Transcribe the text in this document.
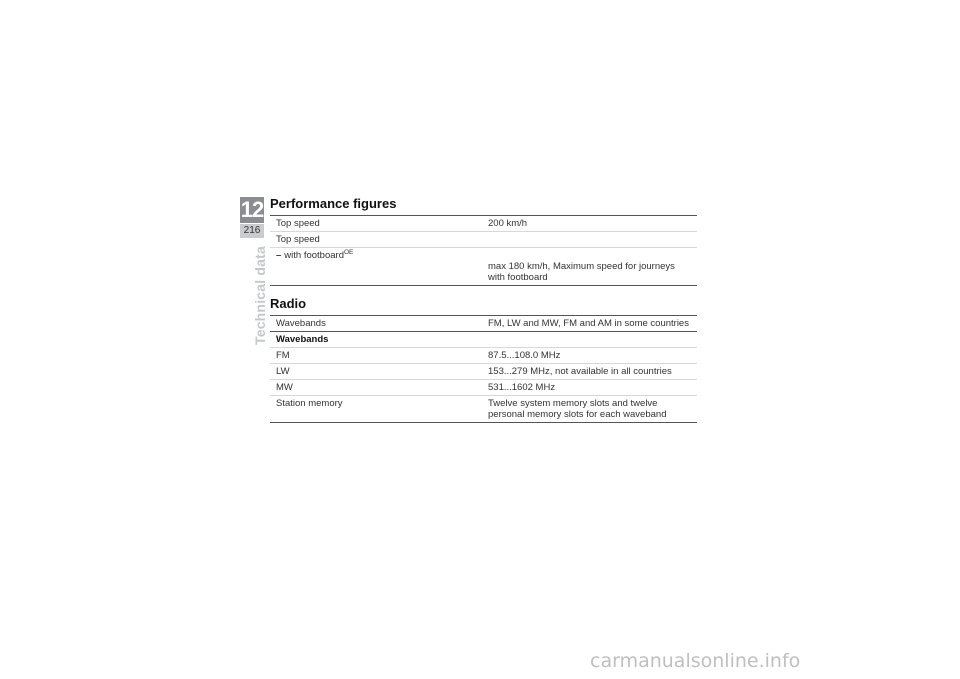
12
216
Technical data
Performance figures
Top speed	200 km/h
Top speed	
– with footboard$^{OE}$	max 180 km/h, Maximum speed for journeys with footboard
Radio
Wavebands	FM, LW and MW, FM and AM in some countries
Wavebands	
FM	87.5...108.0 MHz
LW	153...279 MHz, not available in all countries
MW	531...1602 MHz
Station memory	Twelve system memory slots and twelve personal memory slots for each waveband
carmanualsonline.info
